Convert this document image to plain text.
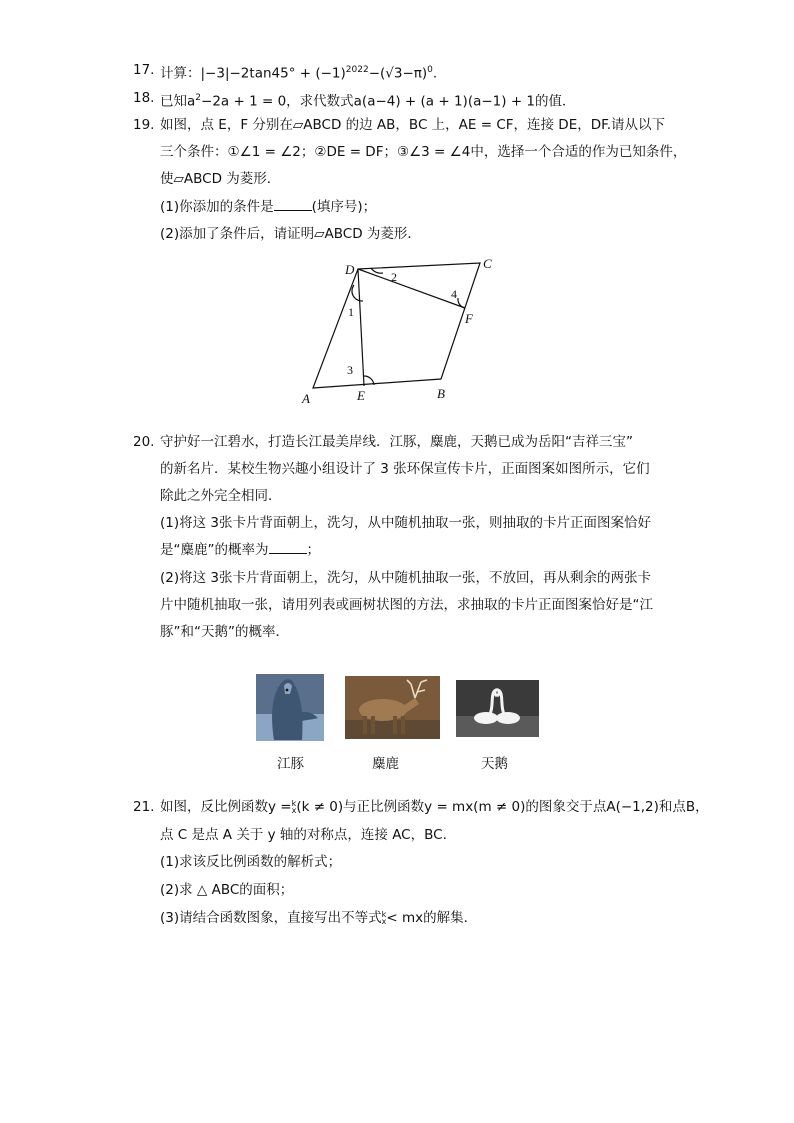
17. 计算：$|-3|-2\tan 45^\circ + (-1)^{2022}-(√3-\pi)^0$.
18. 已知$a^2-2a + 1 = 0$，求代数式a(a−4) + (a + 1)(a−1) + 1的值．
19. 如图，点 E，F 分别在▱ABCD 的边 AB，BC 上，AE = CF，连接 DE，DF.请从以下
三个条件：①∠1 = ∠2；②DE = DF；③∠3 = ∠4中，选择一个合适的作为已知条件，
使▱ABCD 为菱形．
(1)你添加的条件是	(填序号)；
(2)添加了条件后，请证明▱ABCD 为菱形．
D	C
F
A	E	B
1
2
3
4
20. 守护好一江碧水，打造长江最美岸线．江豚，麋鹿，天鹅已成为岳阳“吉祥三宝”
的新名片．某校生物兴趣小组设计了 3 张环保宣传卡片，正面图案如图所示，它们
除此之外完全相同．
(1)将这 3张卡片背面朝上，洗匀，从中随机抽取一张，则抽取的卡片正面图案恰好
是“麋鹿”的概率为	；
(2)将这 3张卡片背面朝上，洗匀，从中随机抽取一张，不放回，再从剩余的两张卡
片中随机抽取一张，请用列表或画树状图的方法，求抽取的卡片正面图案恰好是“江
豚”和“天鹅”的概率．
江豚	麋鹿	天鹅
21. 如图，反比例函数y =k
x(k ≠ 0)与正比例函数y = mx(m ≠ 0)的图象交于点A(−1,2)和点B，
点 C 是点 A 关于 y 轴的对称点，连接 AC，BC.
(1)求该反比例函数的解析式；
(2)求 △ ABC的面积；
(3)请结合函数图象，直接写出不等式k
x< mx的解集．
